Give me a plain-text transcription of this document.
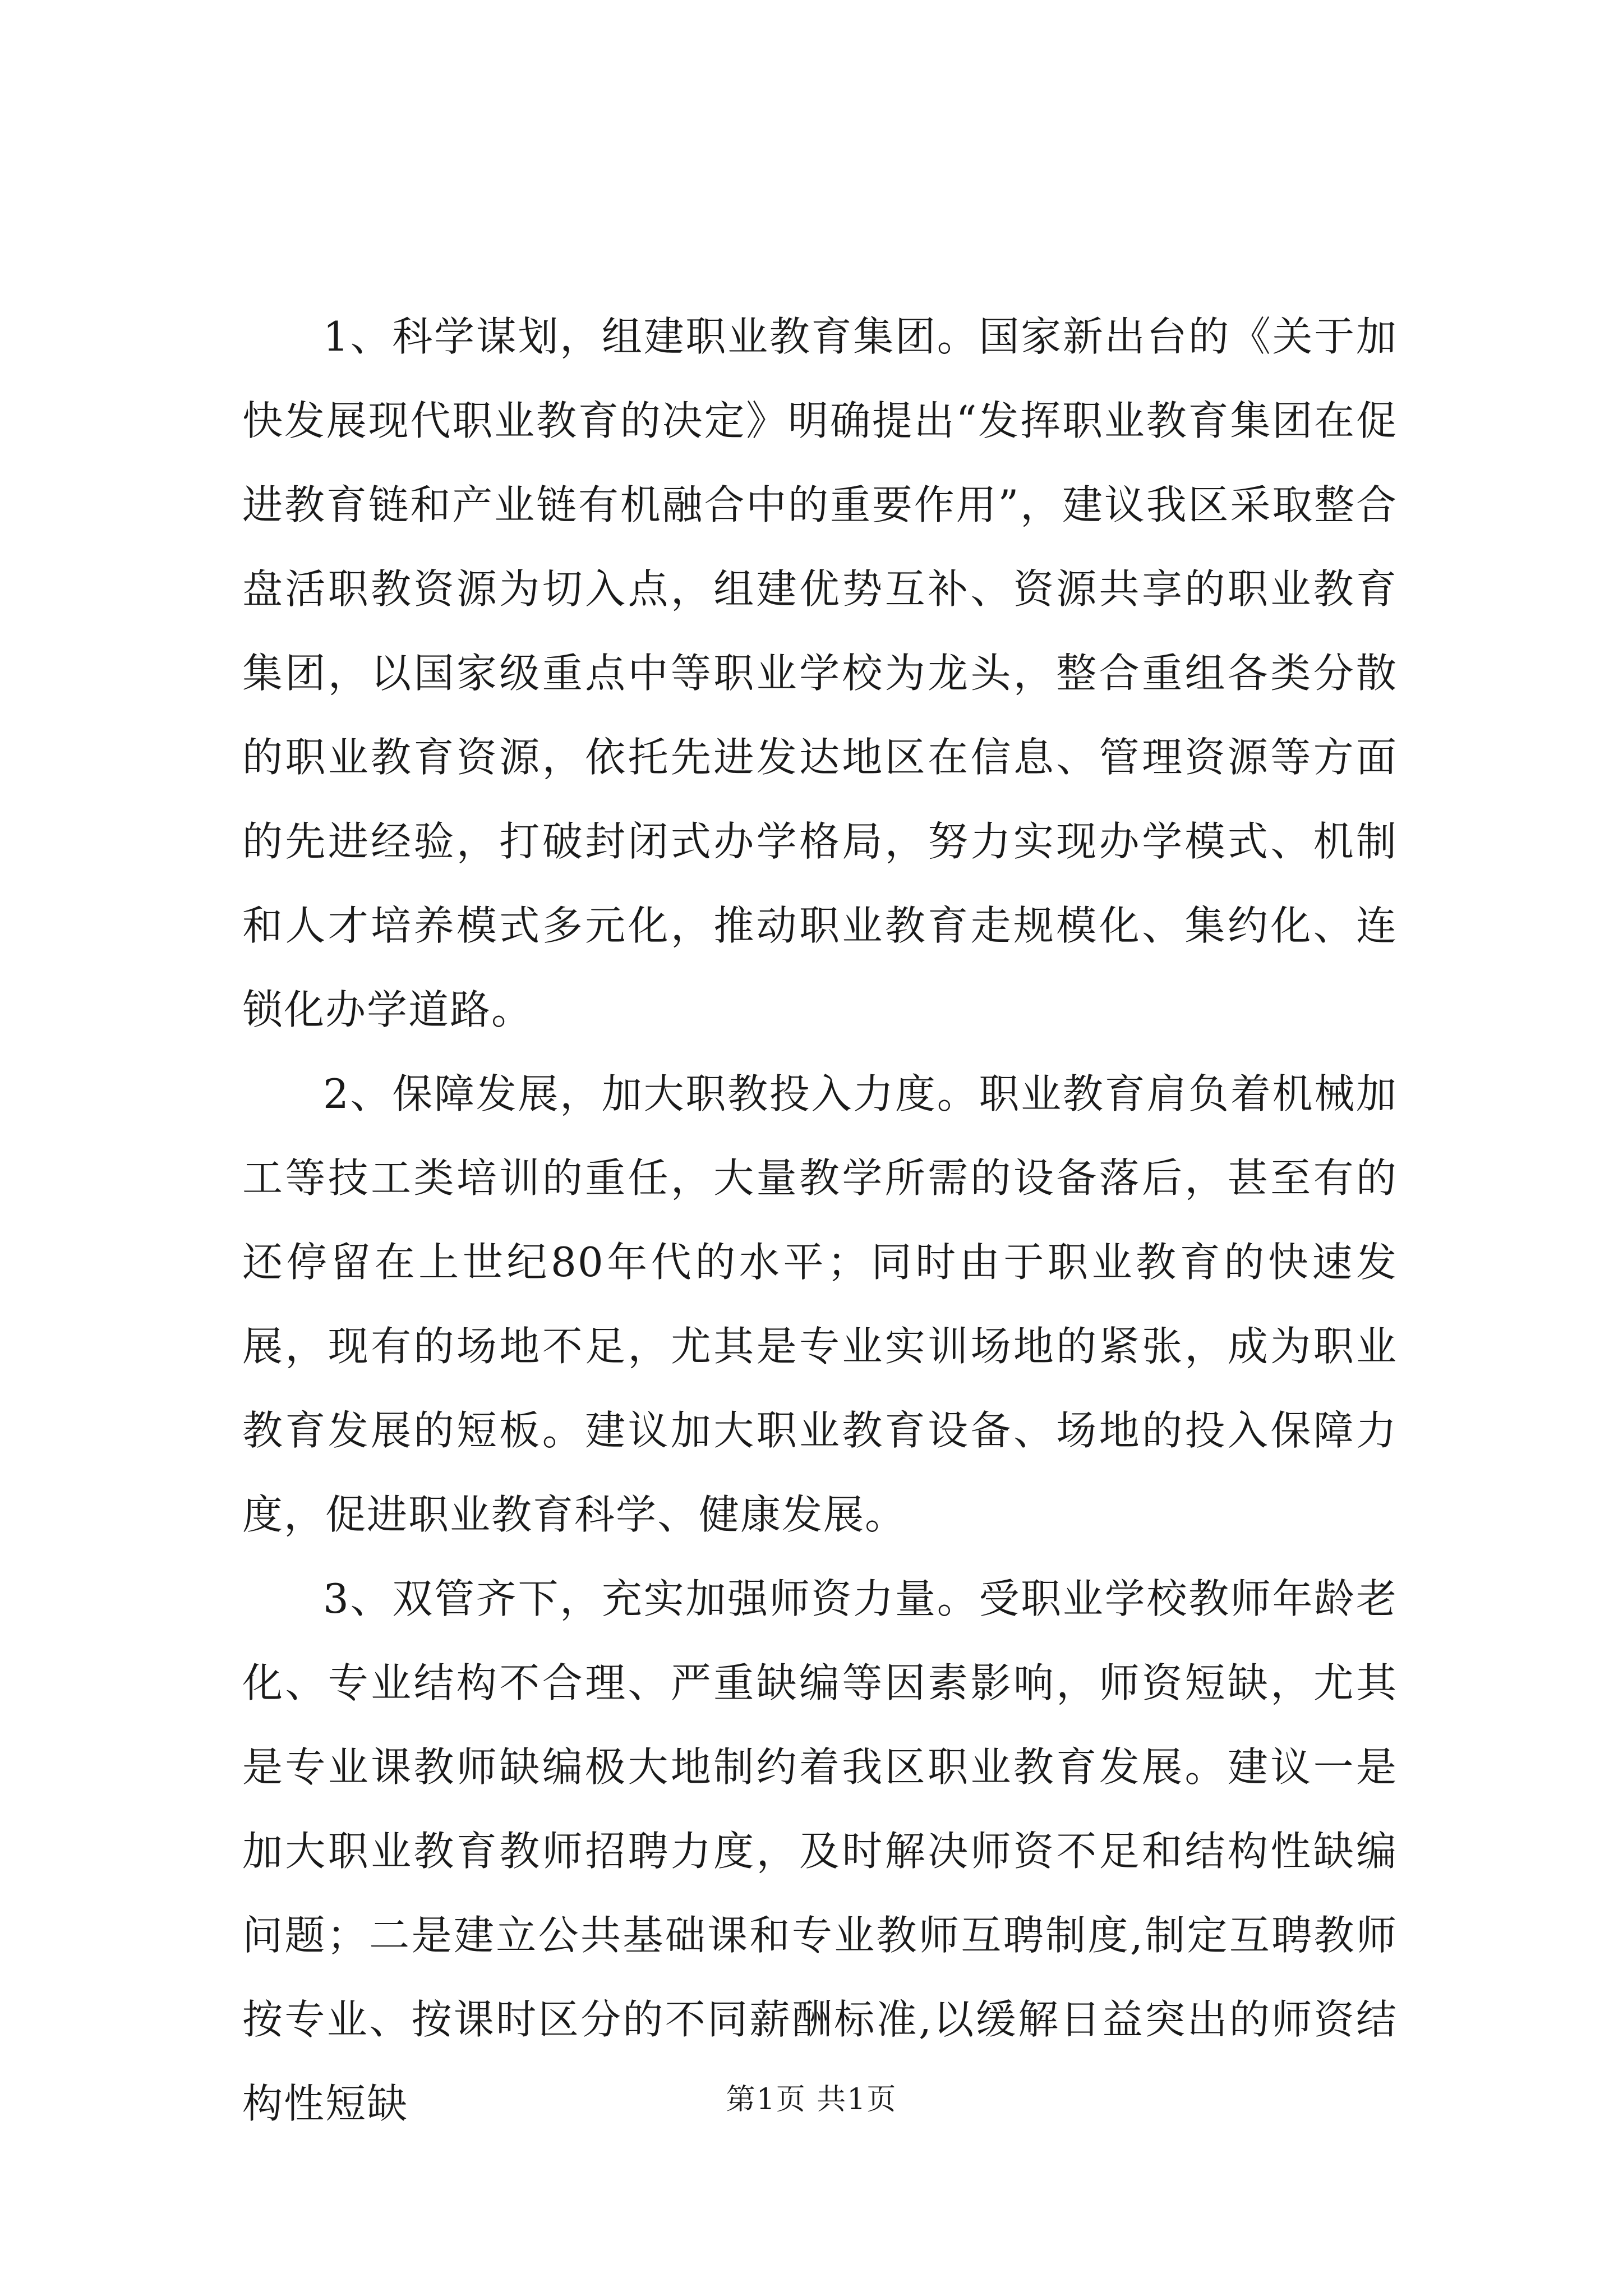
1、科学谋划，组建职业教育集团。国家新出台的《关于加快发展现代职业教育的决定》明确提出“发挥职业教育集团在促进教育链和产业链有机融合中的重要作用”，建议我区采取整合盘活职教资源为切入点，组建优势互补、资源共享的职业教育集团，以国家级重点中等职业学校为龙头，整合重组各类分散的职业教育资源，依托先进发达地区在信息、管理资源等方面的先进经验，打破封闭式办学格局，努力实现办学模式、机制和人才培养模式多元化，推动职业教育走规模化、集约化、连锁化办学道路。

2、保障发展，加大职教投入力度。职业教育肩负着机械加工等技工类培训的重任，大量教学所需的设备落后，甚至有的还停留在上世纪80年代的水平；同时由于职业教育的快速发展，现有的场地不足，尤其是专业实训场地的紧张，成为职业教育发展的短板。建议加大职业教育设备、场地的投入保障力度，促进职业教育科学、健康发展。

3、双管齐下，充实加强师资力量。受职业学校教师年龄老化、专业结构不合理、严重缺编等因素影响，师资短缺，尤其是专业课教师缺编极大地制约着我区职业教育发展。建议一是加大职业教育教师招聘力度，及时解决师资不足和结构性缺编问题；二是建立公共基础课和专业教师互聘制度,制定互聘教师按专业、按课时区分的不同薪酬标准,以缓解日益突出的师资结构性短缺	第1页 共1页
